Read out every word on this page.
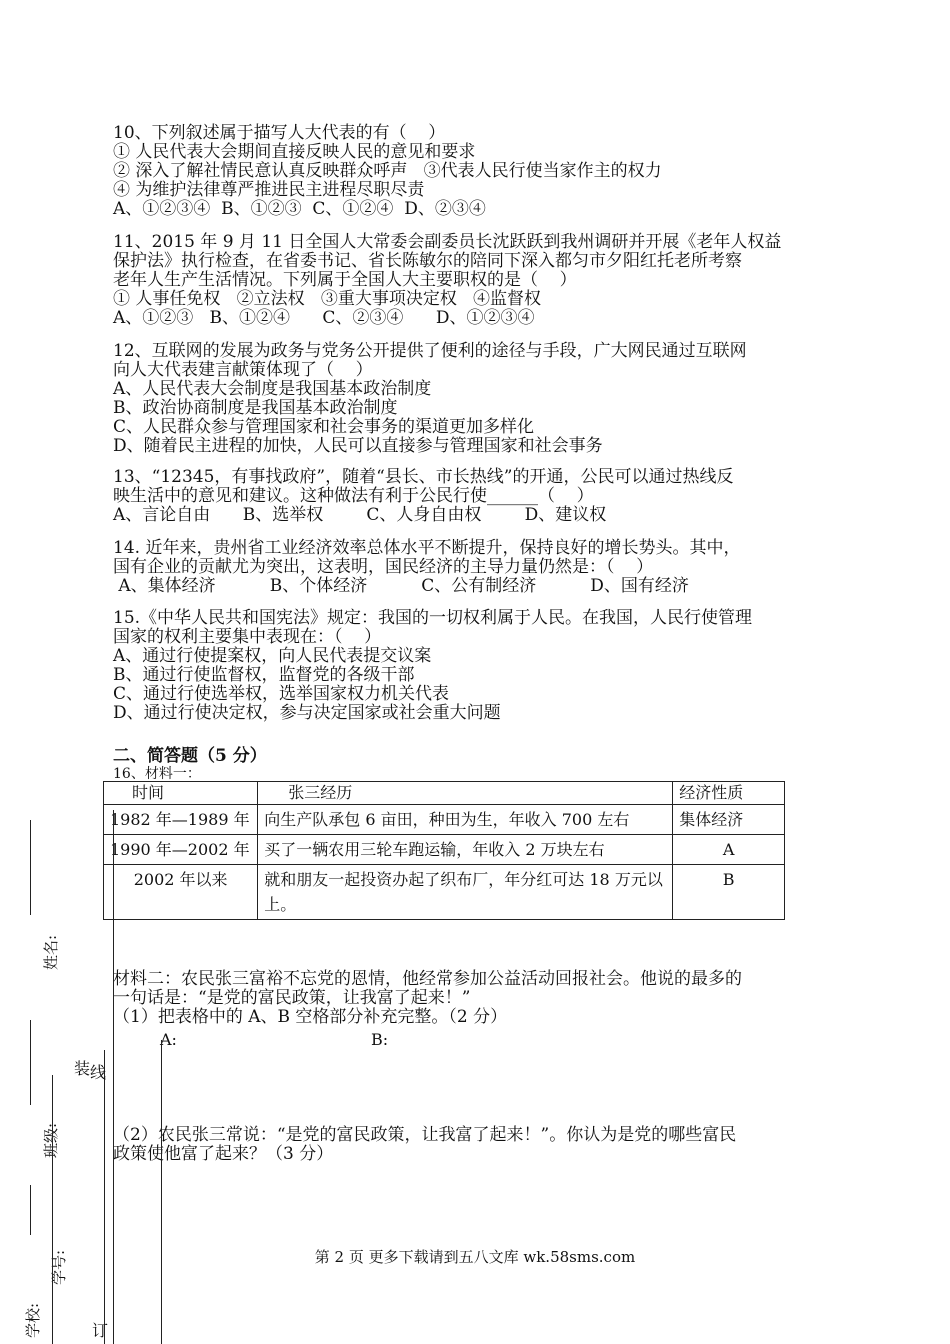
10、下列叙述属于描写人大代表的有（    ）

① 人民代表大会期间直接反映人民的意见和要求

② 深入了解社情民意认真反映群众呼声   ③代表人民行使当家作主的权力

④ 为维护法律尊严推进民主进程尽职尽责

A、①②③④  B、①②③  C、①②④  D、②③④

11、2015 年 9 月 11 日全国人大常委会副委员长沈跃跃到我州调研并开展《老年人权益

保护法》执行检查，在省委书记、省长陈敏尔的陪同下深入都匀市夕阳红托老所考察

老年人生产生活情况。下列属于全国人大主要职权的是（    ）

① 人事任免权   ②立法权   ③重大事项决定权   ④监督权

A、①②③   B、①②④      C、②③④      D、①②③④

12、互联网的发展为政务与党务公开提供了便利的途径与手段，广大网民通过互联网

向人大代表建言献策体现了（    ）

A、人民代表大会制度是我国基本政治制度

B、政治协商制度是我国基本政治制度

C、人民群众参与管理国家和社会事务的渠道更加多样化

D、随着民主进程的加快，人民可以直接参与管理国家和社会事务

13、“12345，有事找政府”，随着“县长、市长热线”的开通，公民可以通过热线反

映生活中的意见和建议。这种做法有利于公民行使______（    ）

A、言论自由      B、选举权        C、人身自由权        D、建议权

14. 近年来，贵州省工业经济效率总体水平不断提升，保持良好的增长势头。其中，

国有企业的贡献尤为突出，这表明，国民经济的主导力量仍然是：（    ）

A、集体经济          B、个体经济          C、公有制经济          D、国有经济

15.《中华人民共和国宪法》规定：我国的一切权利属于人民。在我国，人民行使管理

国家的权利主要集中表现在：（    ）

A、通过行使提案权，向人民代表提交议案

B、通过行使监督权，监督党的各级干部

C、通过行使选举权，选举国家权力机关代表

D、通过行使决定权，参与决定国家或社会重大问题

二、简答题（5 分）
16、材料一：
时间	张三经历	经济性质
1982 年—1989 年	向生产队承包 6 亩田，种田为生，年收入 700 左右	集体经济
1990 年—2002 年	买了一辆农用三轮车跑运输，年收入 2 万块左右	A
2002 年以来	就和朋友一起投资办起了织布厂，年分红可达 18 万元以上。	B

材料二：农民张三富裕不忘党的恩情，他经常参加公益活动回报社会。他说的最多的

一句话是：“是党的富民政策，让我富了起来！”

（1）把表格中的 A、B 空格部分补充完整。（2 分）

A:	B:

（2）农民张三常说：“是党的富民政策，让我富了起来！”。你认为是党的哪些富民

政策使他富了起来？（3 分）

第 2 页 更多下载请到五八文库 wk.58sms.com
姓名:
班级:
学号:
学校:
装 线
订
